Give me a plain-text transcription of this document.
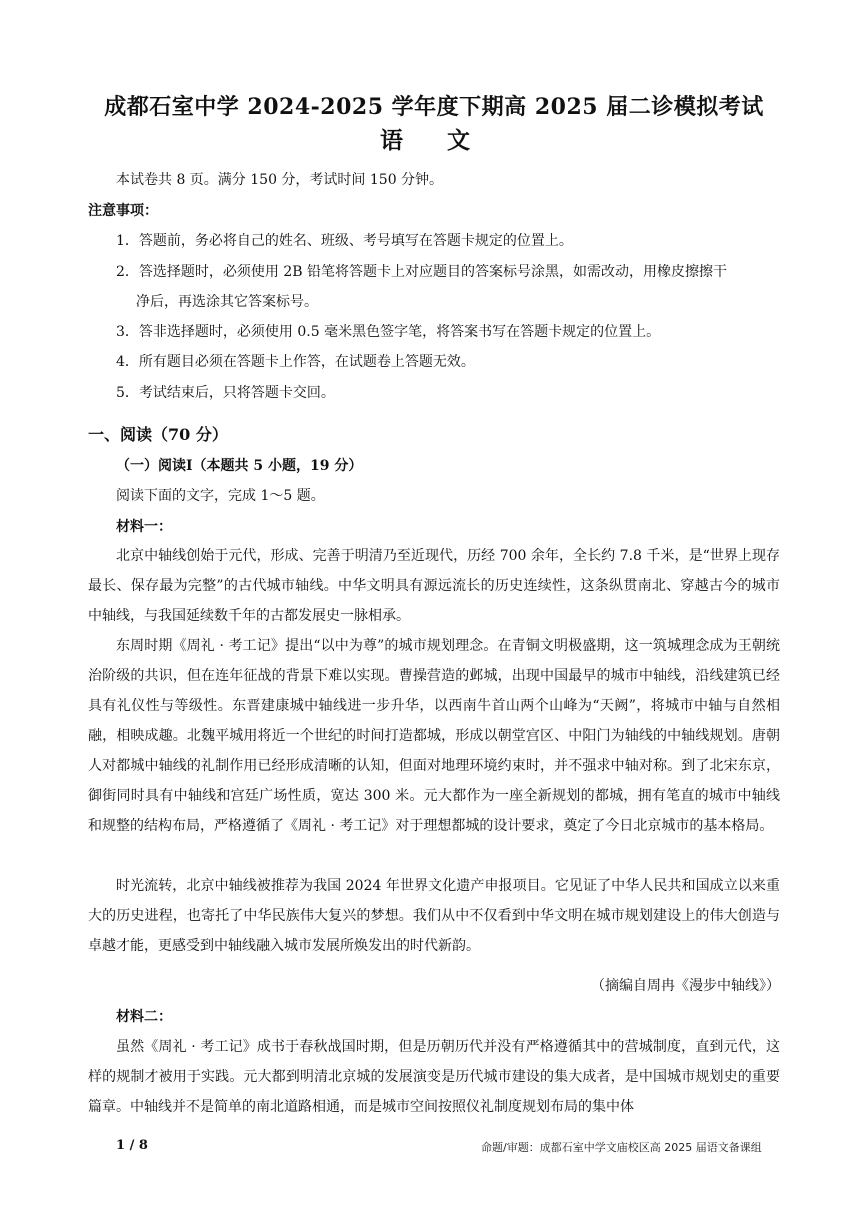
成都石室中学 2024-2025 学年度下期高 2025 届二诊模拟考试
语 文
本试卷共 8 页。满分 150 分，考试时间 150 分钟。
注意事项：
1．答题前，务必将自己的姓名、班级、考号填写在答题卡规定的位置上。
2．答选择题时，必须使用 2B 铅笔将答题卡上对应题目的答案标号涂黑，如需改动，用橡皮擦擦干
净后，再选涂其它答案标号。
3．答非选择题时，必须使用 0.5 毫米黑色签字笔，将答案书写在答题卡规定的位置上。
4．所有题目必须在答题卡上作答，在试题卷上答题无效。
5．考试结束后，只将答题卡交回。
一、阅读（70 分）
（一）阅读Ⅰ（本题共 5 小题，19 分）
阅读下面的文字，完成 1～5 题。
材料一：

北京中轴线创始于元代，形成、完善于明清乃至近现代，历经 700 余年，全长约 7.8 千米，是“世界上现存最长、保存最为完整”的古代城市轴线。中华文明具有源远流长的历史连续性，这条纵贯南北、穿越古今的城市中轴线，与我国延续数千年的古都发展史一脉相承。

东周时期《周礼 · 考工记》提出“以中为尊”的城市规划理念。在青铜文明极盛期，这一筑城理念成为王朝统治阶级的共识，但在连年征战的背景下难以实现。曹操营造的邺城，出现中国最早的城市中轴线，沿线建筑已经具有礼仪性与等级性。东晋建康城中轴线进一步升华，以西南牛首山两个山峰为“天阙”，将城市中轴与自然相融，相映成趣。北魏平城用将近一个世纪的时间打造都城，形成以朝堂宫区、中阳门为轴线的中轴线规划。唐朝人对都城中轴线的礼制作用已经形成清晰的认知，但面对地理环境约束时，并不强求中轴对称。到了北宋东京，御街同时具有中轴线和宫廷广场性质，宽达 300 米。元大都作为一座全新规划的都城，拥有笔直的城市中轴线和规整的结构布局，严格遵循了《周礼 · 考工记》对于理想都城的设计要求，奠定了今日北京城市的基本格局。

时光流转，北京中轴线被推荐为我国 2024 年世界文化遗产申报项目。它见证了中华人民共和国成立以来重大的历史进程，也寄托了中华民族伟大复兴的梦想。我们从中不仅看到中华文明在城市规划建设上的伟大创造与卓越才能，更感受到中轴线融入城市发展所焕发出的时代新韵。

（摘编自周冉《漫步中轴线》）
材料二：

虽然《周礼 · 考工记》成书于春秋战国时期，但是历朝历代并没有严格遵循其中的营城制度，直到元代，这样的规制才被用于实践。元大都到明清北京城的发展演变是历代城市建设的集大成者，是中国城市规划史的重要篇章。中轴线并不是简单的南北道路相通，而是城市空间按照仪礼制度规划布局的集中体

1 / 8	命题/审题：成都石室中学文庙校区高 2025 届语文备课组
